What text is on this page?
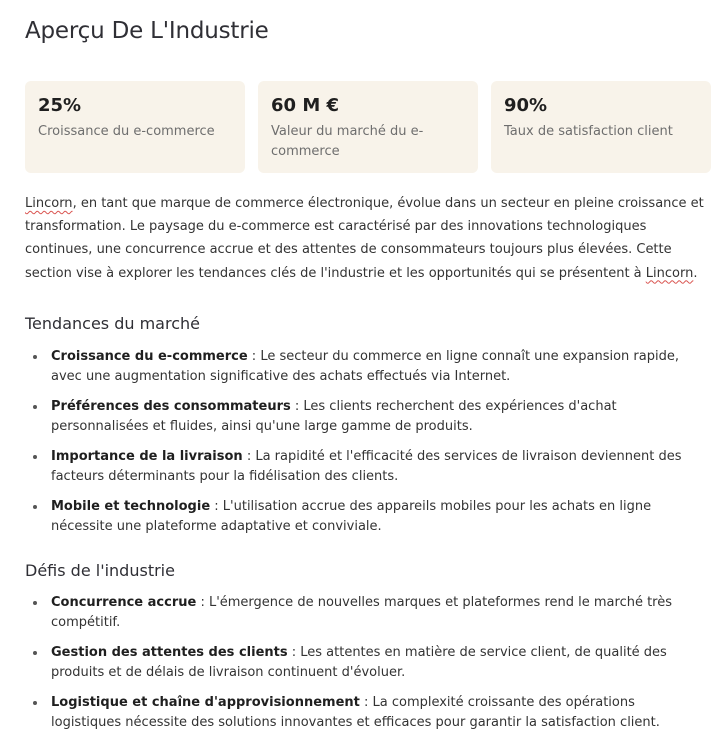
Aperçu De L'Industrie
25%
Croissance du e-commerce
60 M €
Valeur du marché du e-commerce
90%
Taux de satisfaction client

Lincorn, en tant que marque de commerce électronique, évolue dans un secteur en pleine croissance et transformation. Le paysage du e-commerce est caractérisé par des innovations technologiques continues, une concurrence accrue et des attentes de consommateurs toujours plus élevées. Cette section vise à explorer les tendances clés de l'industrie et les opportunités qui se présentent à Lincorn.

Tendances du marché
Croissance du e-commerce : Le secteur du commerce en ligne connaît une expansion rapide, avec une augmentation significative des achats effectués via Internet.
Préférences des consommateurs : Les clients recherchent des expériences d'achat personnalisées et fluides, ainsi qu'une large gamme de produits.
Importance de la livraison : La rapidité et l'efficacité des services de livraison deviennent des facteurs déterminants pour la fidélisation des clients.
Mobile et technologie : L'utilisation accrue des appareils mobiles pour les achats en ligne nécessite une plateforme adaptative et conviviale.
Défis de l'industrie
Concurrence accrue : L'émergence de nouvelles marques et plateformes rend le marché très compétitif.
Gestion des attentes des clients : Les attentes en matière de service client, de qualité des produits et de délais de livraison continuent d'évoluer.
Logistique et chaîne d'approvisionnement : La complexité croissante des opérations logistiques nécessite des solutions innovantes et efficaces pour garantir la satisfaction client.
